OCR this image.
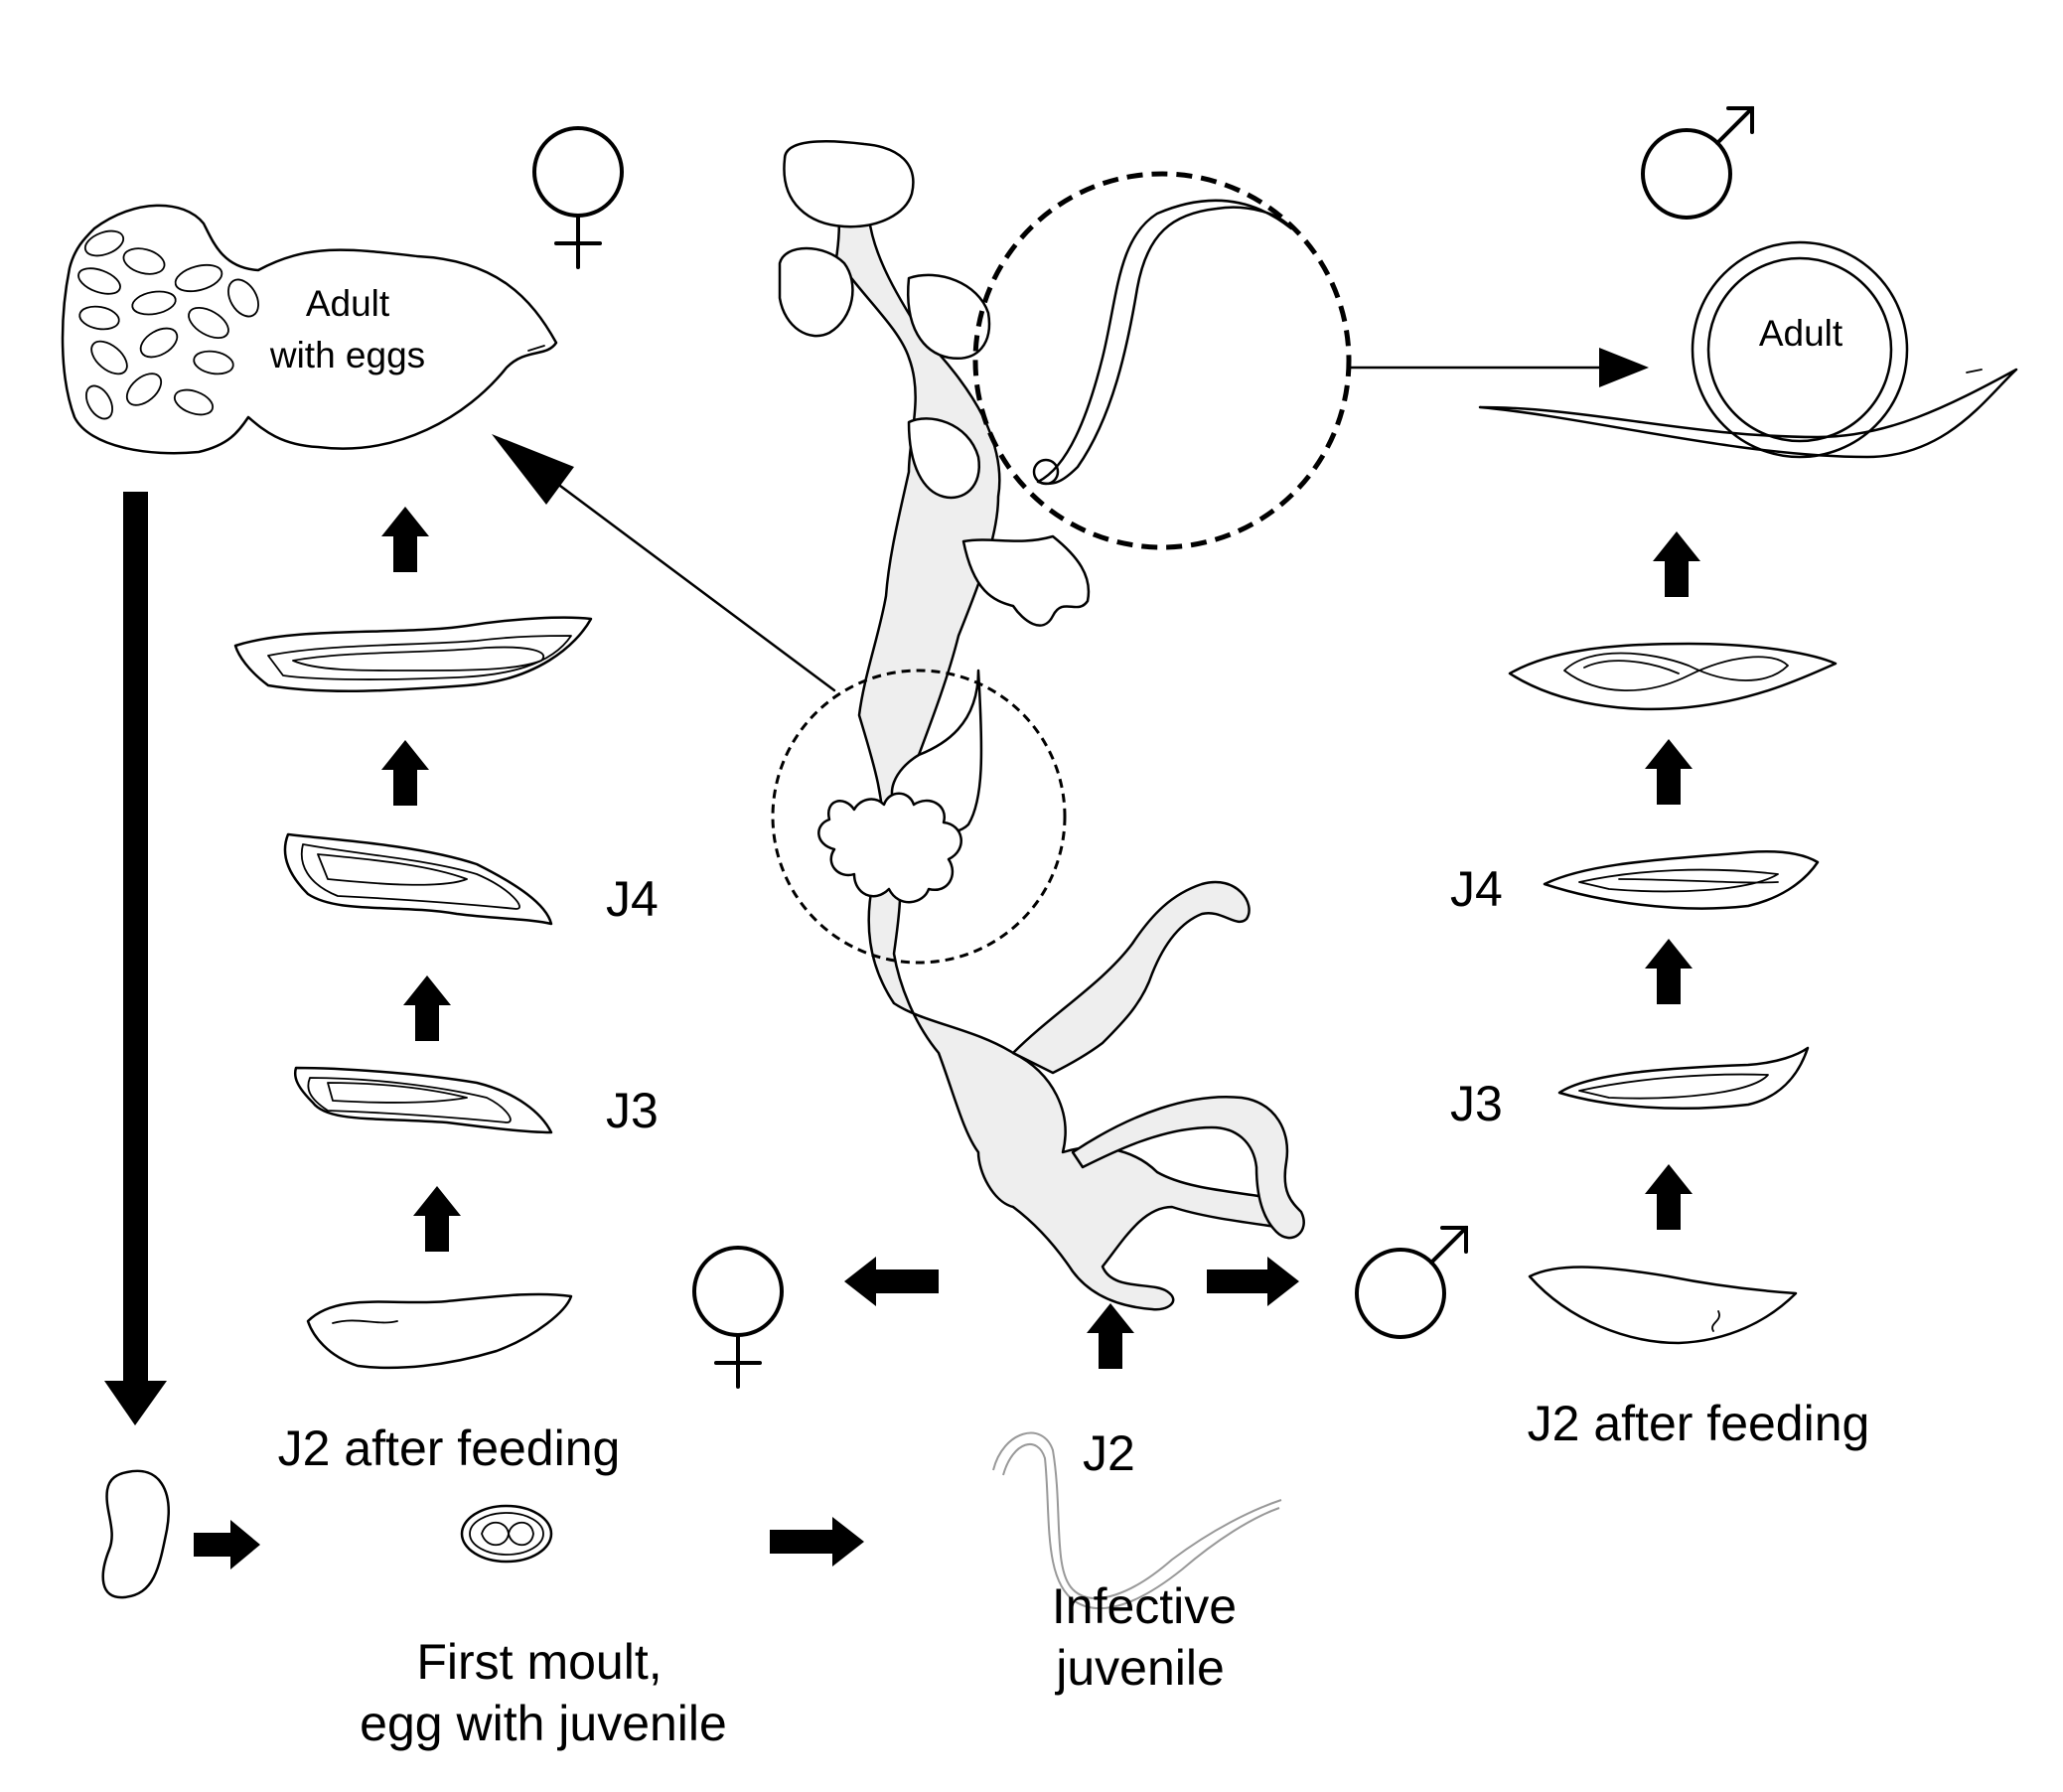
Adult
with eggs
J4
J3
J2 after feeding
First moult,
egg with juvenile
Infective
juvenile
J2
Adult
J4
J3
J2 after feeding
